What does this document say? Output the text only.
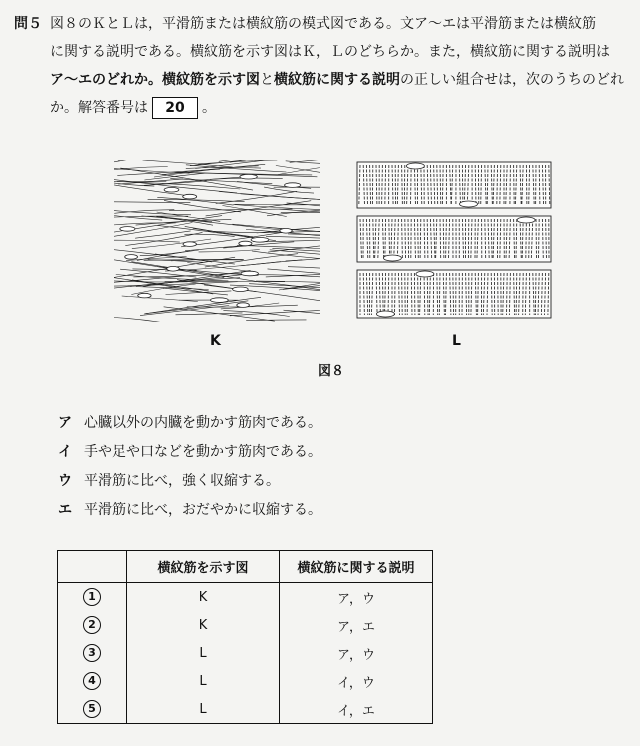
問５ 図８のＫとＬは，平滑筋または横紋筋の模式図である。文ア～エは平滑筋または横紋筋
に関する説明である。横紋筋を示す図はＫ，Ｌのどちらか。また，横紋筋に関する説明は
ア～エのどれか。横紋筋を示す図と横紋筋に関する説明の正しい組合せは，次のうちのどれ
か。解答番号は 20 。
K	L
図８
ア 心臓以外の内臓を動かす筋肉である。
イ 手や足や口などを動かす筋肉である。
ウ 平滑筋に比べ，強く収縮する。
エ 平滑筋に比べ，おだやかに収縮する。
	横紋筋を示す図	横紋筋に関する説明
1	K	ア，ウ
2	K	ア，エ
3	L	ア，ウ
4	L	イ，ウ
5	L	イ，エ
